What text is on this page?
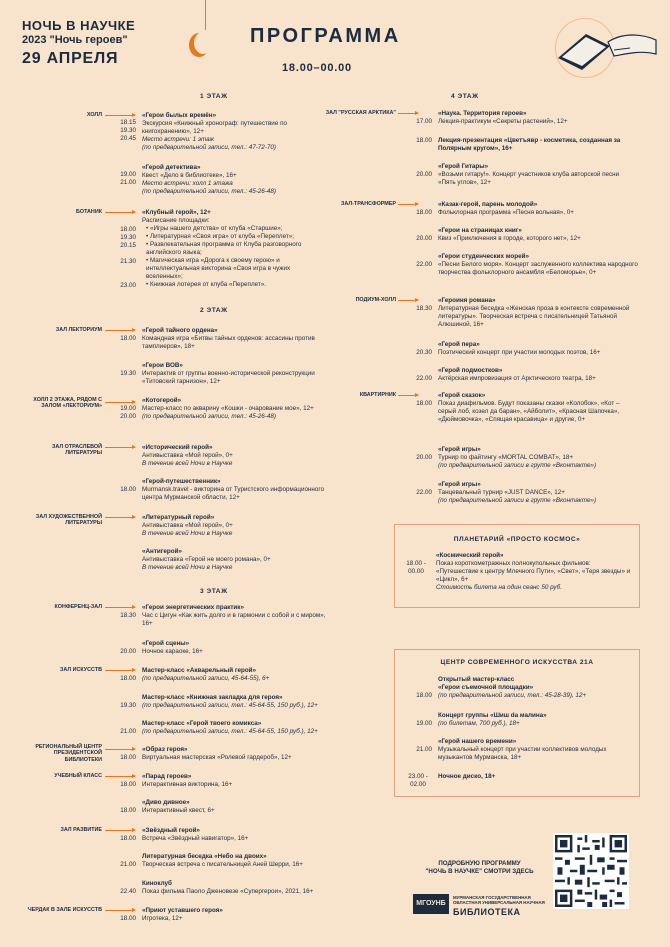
НОЧЬ В НАУЧКЕ
2023 "Ночь героев"
29 АПРЕЛЯ
ПРОГРАММА
18.00–00.00
1 ЭТАЖ
2 ЭТАЖ
3 ЭТАЖ
4 ЭТАЖ
ХОЛЛ
БОТАНИК
ЗАЛ ЛЕКТОРИУМ
ХОЛЛ 2 ЭТАЖА, РЯДОМ С ЗАЛОМ «ЛЕКТОРИУМ»
ЗАЛ ОТРАСЛЕВОЙ ЛИТЕРАТУРЫ
ЗАЛ ХУДОЖЕСТВЕННОЙ ЛИТЕРАТУРЫ
КОНФЕРЕНЦ-ЗАЛ
ЗАЛ ИСКУССТВ
РЕГИОНАЛЬНЫЙ ЦЕНТР ПРЕЗИДЕНТСКОЙ БИБЛИОТЕКИ
УЧЕБНЫЙ КЛАСС
ЗАЛ РАЗВИТИЕ
ЧЕРДАК В ЗАЛЕ ИСКУССТВ
ЗАЛ "РУССКАЯ АРКТИКА"
ЗАЛ-ТРАНСФОРМЕР
ПОДИУМ-ХОЛЛ
КВАРТИРНИК
18.15
19.30
20.45
«Герои былых времён»
Экскурсия «Книжный хронограф: путешествие по книгохранению», 12+
Место встречи: 1 этаж
(по предварительной записи, тел.: 47-72-70)
19.00
21.00
«Герой детектива»
Квест «Дело в библиотеке», 16+
Место встречи: холл 1 этажа
(по предварительной записи, тел.: 45-26-48)
18.00
19.30
20.15

21.30

23.00
«Клубный герой», 12+
Расписание площадки:
• «Игры нашего детства» от клуба «Старшие»;
• Литературная «Своя игра» от клуба «Переплет»;
• Развлекательная программа от Клуба разговорного английского языка;
• Магическая игра «Дорога к своему герою» и интеллектуальная викторина «Своя игра в чужих вселенных»;
• Книжная лотерея от клуба «Переплет».
18.00
«Герой тайного ордена»
Командная игра «Битвы тайных орденов: ассасины против тамплиеров», 18+
19.30
«Герои ВОВ»
Интерактив от группы военно-исторической реконструкции «Титовский гарнизон», 12+
19.00
20.00
«Котогерой»
Мастер-класс по акварину «Кошки - очарование мое», 12+
(по предварительной записи, тел.: 45-26-48)
«Исторический герой»
Антивыставка «Мой герой», 0+
В течение всей Ночи в Научке
18.00
«Герой-путешественник»
Murmansk.travel - викторина от Туристского информационного центра Мурманской области, 12+
«Литературный герой»
Антивыставка «Мой герой», 0+
В течение всей Ночи в Научке
«Антигерой»
Антивыставка «Герой не моего романа», 0+
В течение всей Ночи в Научке
18.30
«Герои энергетических практик»
Час с Цигун «Как жить долго и в гармонии с собой и с миром», 16+
20.00
«Герой сцены»
Ночное караоке, 16+
18.00
Мастер-класс «Акварельный герой»
(по предварительной записи, 45-64-55), 6+
19.30
Мастер-класс «Книжная закладка для героя»
(по предварительной записи, тел.: 45-64-55, 150 руб.), 12+
21.00
Мастер-класс «Герой твоего комикса»
(по предварительной записи, тел.: 45-64-55, 150 руб.), 12+
18.00
«Образ героя»
Виртуальная мастерская «Ролевой гардероб», 12+
18.00
«Парад героев»
Интерактивная викторина, 16+
18.00
«Диво дивное»
Интерактивный квест, 6+
18.00
«Звёздный герой»
Встреча «Звёздный навигатор», 16+
21.00
Литературная беседка «Небо на двоих»
Творческая встреча с писательницей Аней Шерри, 16+
22.40
Киноклуб
Показ фильма Паоло Дженовезе «Супергерои», 2021, 16+
18.00
«Приют уставшего героя»
Игротека, 12+
17.00
«Наука. Территория героев»
Лекция-практикум «Секреты растений», 12+
18.00 Лекция-презентация «Цветъявр - косметика, созданная за Полярным кругом», 16+
20.00
«Герой Гитары»
«Возьми гитару!». Концерт участников клуба авторской песни «Пять углов», 12+
18.00
«Казак-герой, парень молодой»
Фольклорная программа «Песня вольная», 0+
20.00
«Герои на страницах книг»
Квиз «Приключения в городе, которого нет», 12+
22.00
«Герои студенческих морей»
«Песни Белого моря». Концерт заслуженного коллектива народного творчества фольклорного ансамбля «Беломорье», 0+
18.30
«Героиня романа»
Литературная беседка «Женская проза в контексте современной литературы». Творческая встреча с писательницей Татьяной Алюшиной, 16+
20.30
«Герой пера»
Поэтический концерт при участии молодых поэтов, 16+
22.00
«Герой подмостков»
Актёрская импровизация от Арктического театра, 18+
18.00
«Герой сказок»
Показ диафильмов. Будут показаны сказки «Колобок», «Кот – серый лоб, козел да баран», «Айболит», «Красная Шапочка», «Дюймовочка», «Спящая красавица» и другие, 0+
20.00
«Герой игры»
Турнир по файтингу «MORTAL COMBAT», 18+
(по предварительной записи в группе «Вконтакте»)
22.00
«Герой игры»
Танцевальный турнир «JUST DANCE», 12+
(по предварительной записи в группе «Вконтакте»)
ПЛАНЕТАРИЙ «ПРОСТО КОСМОС»
18.00 -
00.00
«Космический герой»
Показ короткометражных полнокупольных фильмов: «Путешествие к центру Млечного Пути», «Свет», «Теря звезды» и «Цикл», 6+
Стоимость билета на один сеанс 50 руб.
ЦЕНТР СОВРЕМЕННОГО ИСКУССТВА 21А
18.00
Открытый мастер-класс
«Герои съемочной площадки»
(по предварительной записи, тел.: 45-28-39), 12+
19.00
Концерт группы «Шиш da малина»
(по билетам, 700 руб.), 18+
21.00
«Герой нашего времени»
Музыкальный концерт при участии коллективов молодых музыкантов Мурманска, 18+
23.00 -
02.00
Ночное диско, 18+
ПОДРОБНУЮ ПРОГРАММУ
"НОЧЬ В НАУЧКЕ" СМОТРИ ЗДЕСЬ
МГОУНБ
МУРМАНСКАЯ ГОСУДАРСТВЕННАЯ ОБЛАСТНАЯ УНИВЕРСАЛЬНАЯ НАУЧНАЯ
БИБЛИОТЕКА
